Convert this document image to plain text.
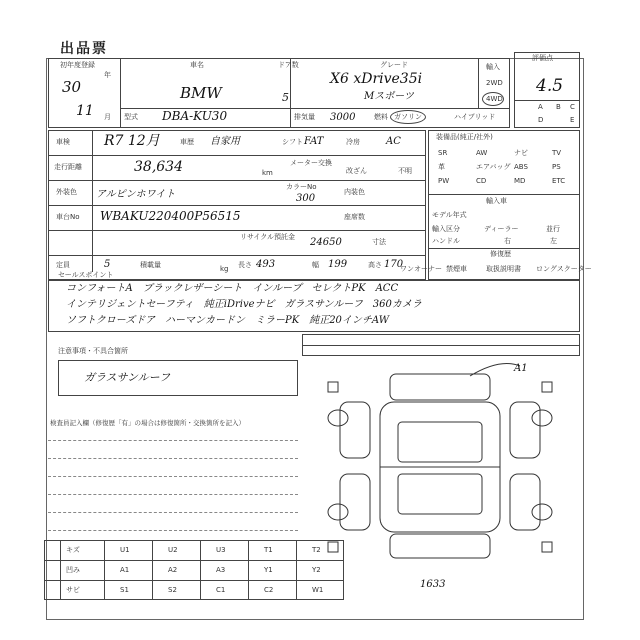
出品票
評価点
4.5
A B C
D	E
初年度登録
30
年
11 月
車名
BMW
型式 DBA-KU30
ドア数
5
グレード
X6 xDrive35i
Mスポーツ
輸入
2WD
4WD
排気量 3000	ガソリン
燃料	ハイブリッド
車検 R7 12月	車歴 自家用	シフト FAT	冷房	AC
走行距離	38,634	km
メーター交換
改ざん	不明
外装色 アルピンホワイト
カラーNo
300
内装色
車台No WBAKU220400P56515	座席数
リサイクル預託金 24650	寸法
定員	5	積載量	kg 長さ 493	幅 199	高さ 170
装備品(純正/社外)
SR	AW	ナビ	TV
革	エアバッグ ABS	PS
PW	CD	MD	ETC
輸入車
モデル年式
輸入区分	ディーラー	並行
ハンドル	右	左
修復歴
ワンオーナー 禁煙車	取扱説明書 ロングスクーター
セールスポイント
コンフォートA　ブラックレザーシート　インループ　セレクトPK　ACC
インテリジェントセーフティ　純正iDriveナビ　ガラスサンルーフ　360カメラ
ソフトクローズドア　ハーマンカードン　ミラーPK　純正20インチAW
注意事項・不具合箇所
ガラスサンルーフ
検査員記入欄（修復歴「有」の場合は修復箇所・交換箇所を記入）
A1
1633
キズ	U1	U2	U3	T1	T2
凹み	A1	A2	A3	Y1	Y2
サビ	S1	S2	C1	C2	W1
